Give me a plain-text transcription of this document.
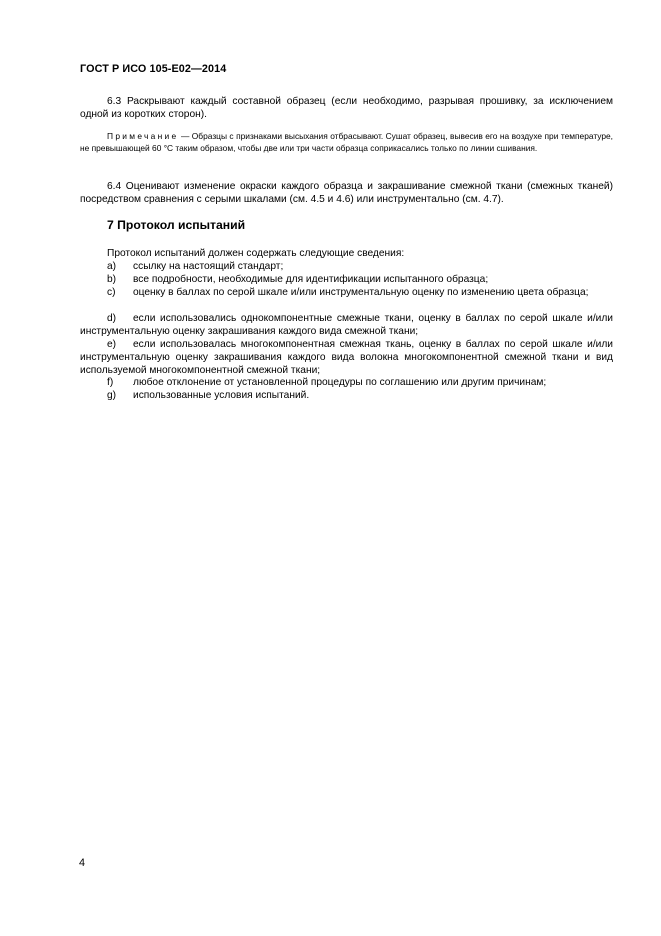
ГОСТ Р ИСО 105-E02—2014
6.3 Раскрывают каждый составной образец (если необходимо, разрывая прошивку, за исключением одной из коротких сторон).
Примечание — Образцы с признаками высыхания отбрасывают. Сушат образец, вывесив его на воздухе при температуре, не превышающей 60 °С таким образом, чтобы две или три части образца соприкасались только по линии сшивания.
6.4 Оценивают изменение окраски каждого образца и закрашивание смежной ткани (смежных тканей) посредством сравнения с серыми шкалами (см. 4.5 и 4.6) или инструментально (см. 4.7).
7 Протокол испытаний
Протокол испытаний должен содержать следующие сведения:
a) ссылку на настоящий стандарт;
b) все подробности, необходимые для идентификации испытанного образца;
c) оценку в баллах по серой шкале и/или инструментальную оценку по изменению цвета образца;
d) если использовались однокомпонентные смежные ткани, оценку в баллах по серой шкале и/или инструментальную оценку закрашивания каждого вида смежной ткани;
e) если использовалась многокомпонентная смежная ткань, оценку в баллах по серой шкале и/или инструментальную оценку закрашивания каждого вида волокна многокомпонентной смежной ткани и вид используемой многокомпонентной смежной ткани;
f) любое отклонение от установленной процедуры по соглашению или другим причинам;
g) использованные условия испытаний.
4
